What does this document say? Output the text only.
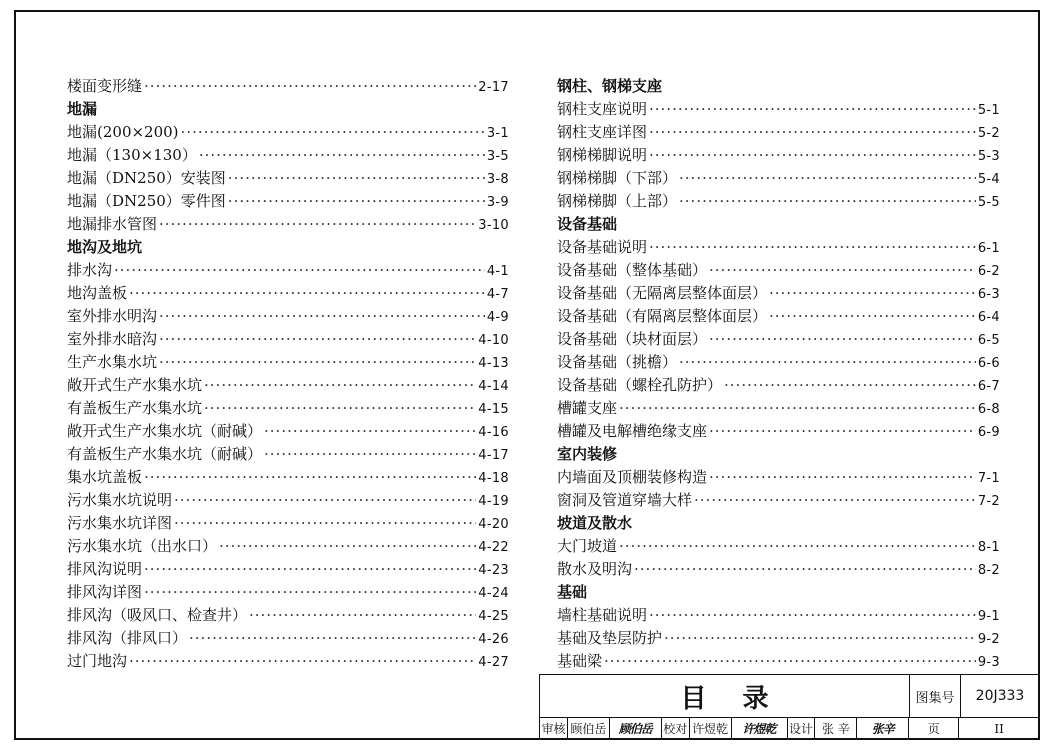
楼面变形缝 ·····	2-17
地漏
地漏(200×200) ·····	3-1
地漏（130×130） ·····	3-5
地漏（DN250）安装图 ·····	3-8
地漏（DN250）零件图 ·····	3-9
地漏排水管图 ·····	3-10
地沟及地坑
排水沟 ·····	4-1
地沟盖板 ·····	4-7
室外排水明沟 ·····	4-9
室外排水暗沟 ·····	4-10
生产水集水坑 ·····	4-13
敞开式生产水集水坑 ·····	4-14
有盖板生产水集水坑 ·····	4-15
敞开式生产水集水坑（耐碱） ·····	4-16
有盖板生产水集水坑（耐碱） ·····	4-17
集水坑盖板 ·····	4-18
污水集水坑说明 ·····	4-19
污水集水坑详图 ·····	4-20
污水集水坑（出水口） ·····	4-22
排风沟说明 ·····	4-23
排风沟详图 ·····	4-24
排风沟（吸风口、检查井） ·····	4-25
排风沟（排风口） ·····	4-26
过门地沟 ·····	4-27
钢柱、钢梯支座
钢柱支座说明 ·····	5-1
钢柱支座详图 ·····	5-2
钢梯梯脚说明 ·····	5-3
钢梯梯脚（下部） ·····	5-4
钢梯梯脚（上部） ·····	5-5
设备基础
设备基础说明 ·····	6-1
设备基础（整体基础） ·····	6-2
设备基础（无隔离层整体面层） ·····	6-3
设备基础（有隔离层整体面层） ·····	6-4
设备基础（块材面层） ·····	6-5
设备基础（挑檐） ·····	6-6
设备基础（螺栓孔防护） ·····	6-7
槽罐支座 ·····	6-8
槽罐及电解槽绝缘支座 ·····	6-9
室内装修
内墙面及顶棚装修构造 ·····	7-1
窗洞及管道穿墙大样 ·····	7-2
坡道及散水
大门坡道 ·····	8-1
散水及明沟 ·····	8-2
基础
墙柱基础说明 ·····	9-1
基础及垫层防护 ·····	9-2
基础梁 ·····	9-3
目录	图集号	20J333
审核 顾伯岳	顾伯岳 校对 许煜乾	许煜乾	设计 张 辛	张辛	页	II
